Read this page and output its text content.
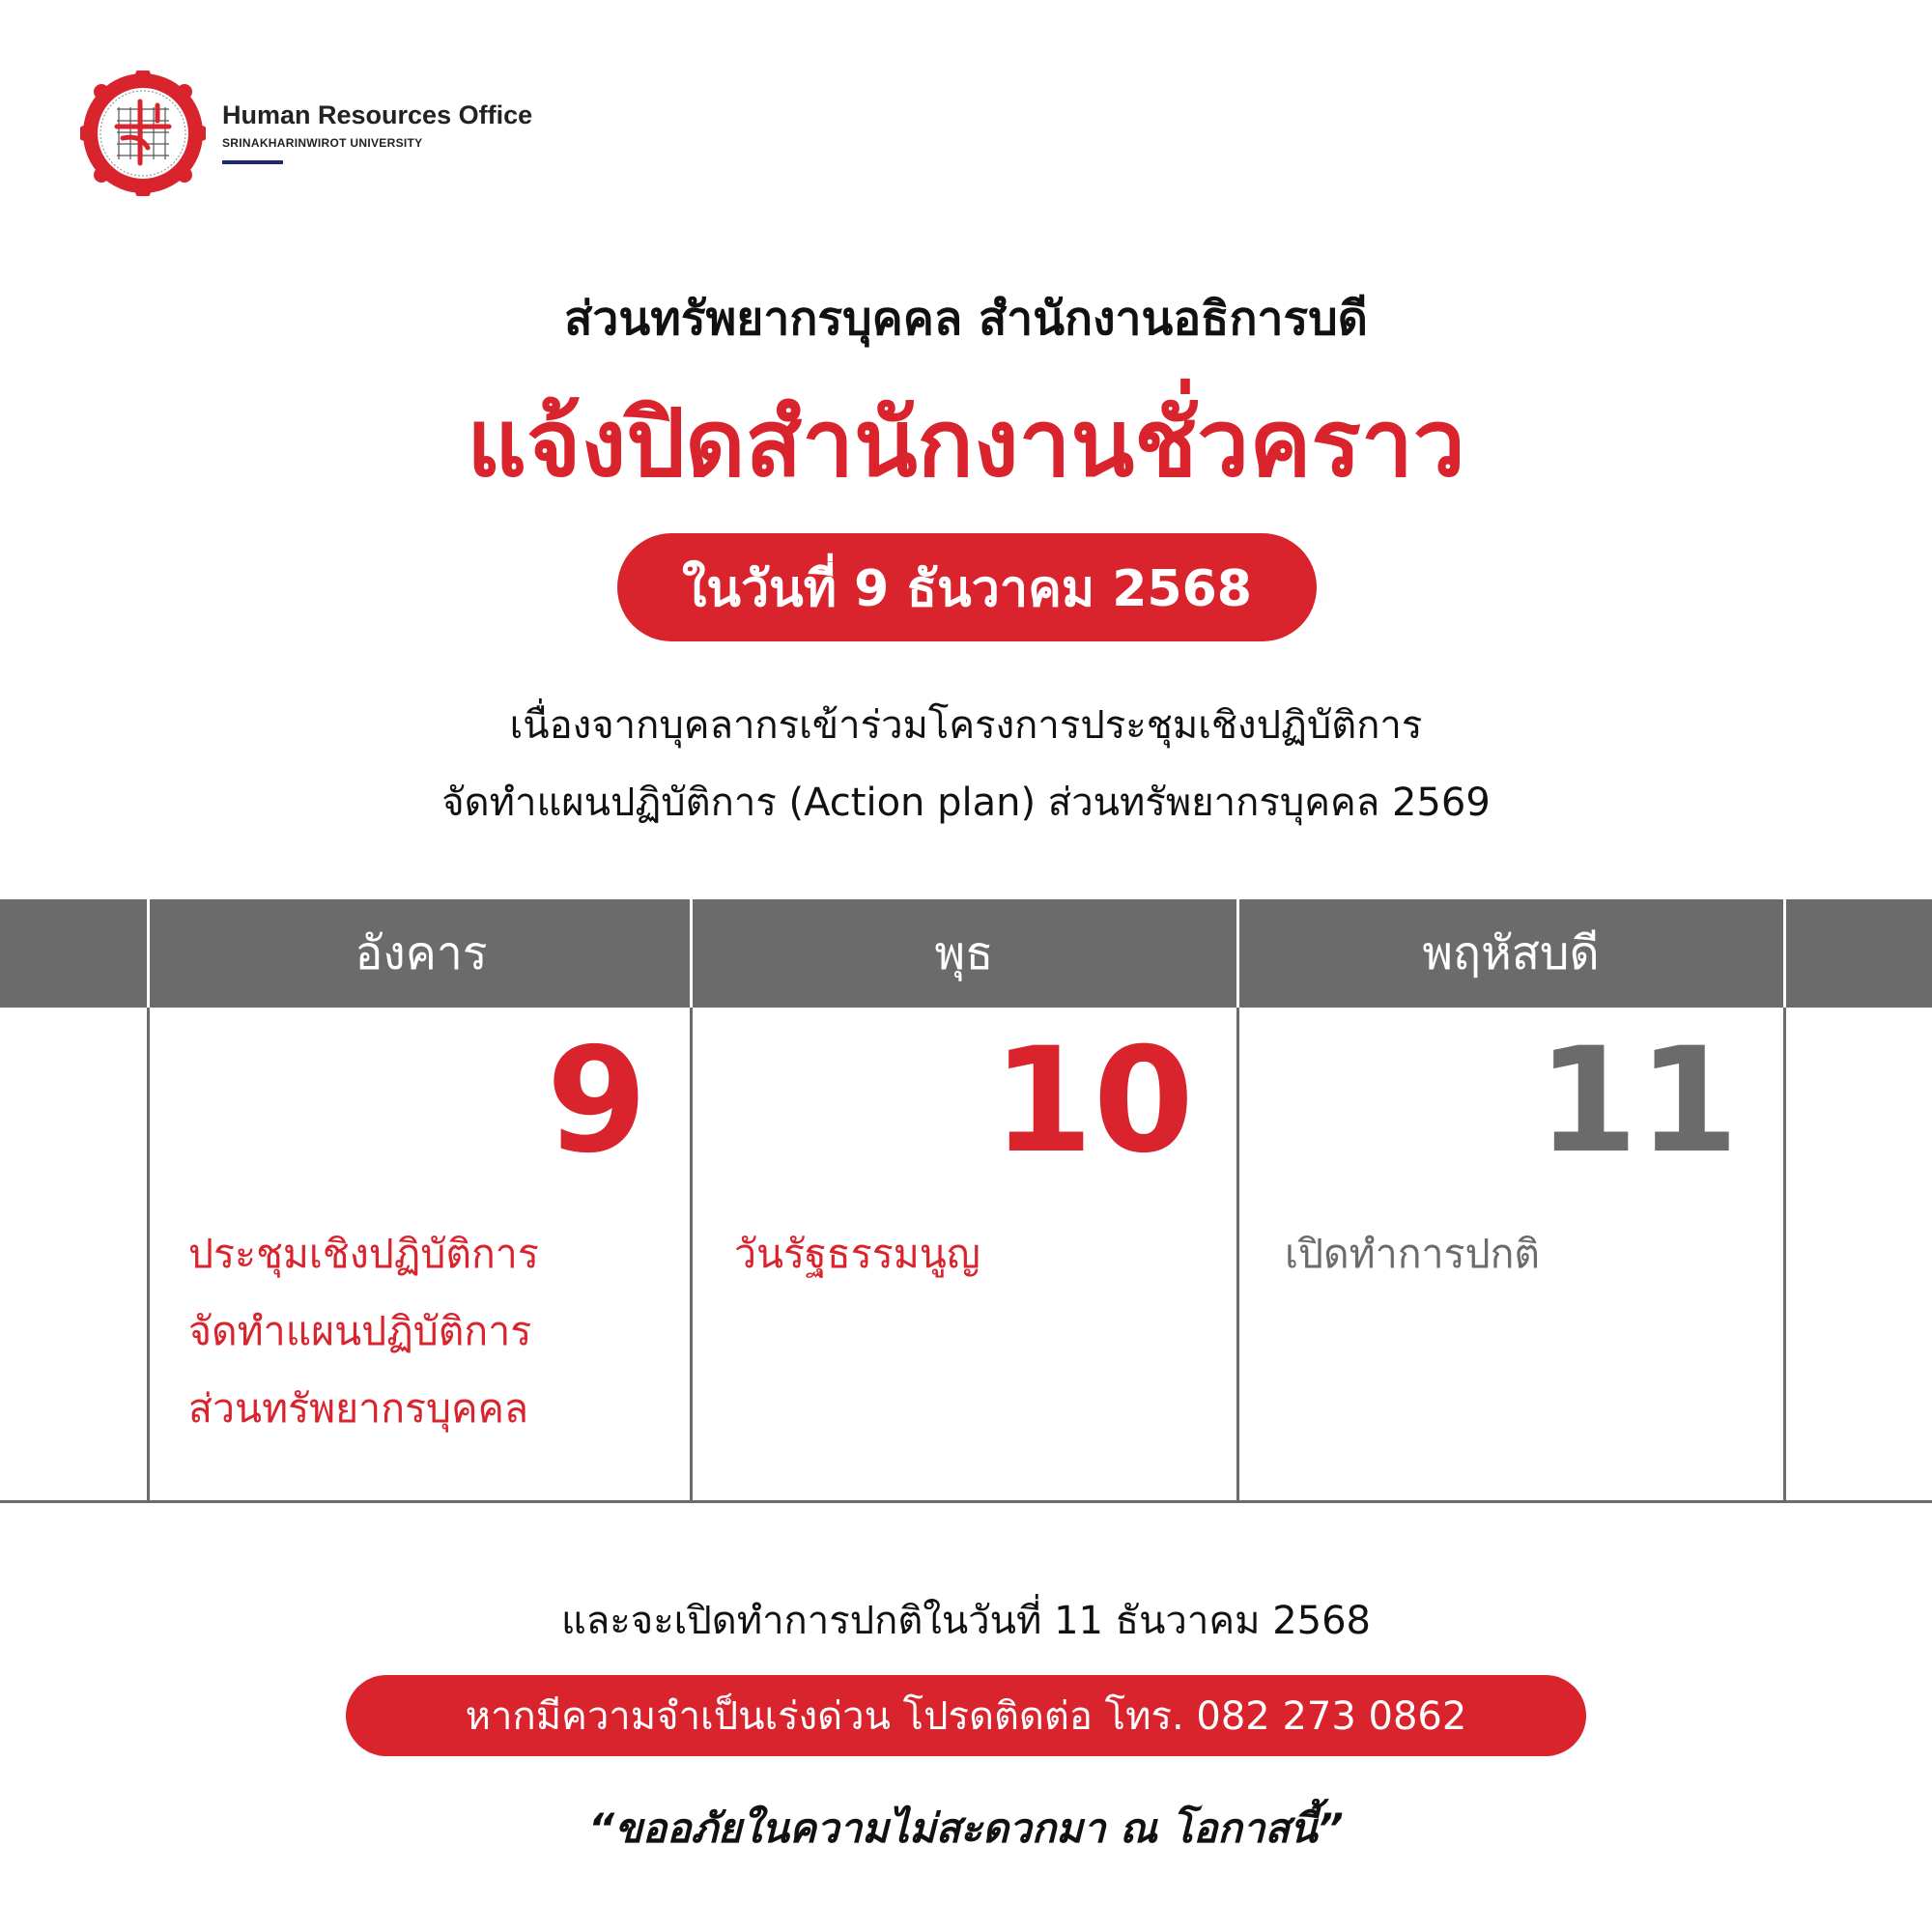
Human Resources Office
SRINAKHARINWIROT UNIVERSITY
ส่วนทรัพยากรบุคคล สำนักงานอธิการบดี
แจ้งปิดสำนักงานชั่วคราว
ในวันที่ 9 ธันวาคม 2568
เนื่องจากบุคลากรเข้าร่วมโครงการประชุมเชิงปฏิบัติการ
จัดทำแผนปฏิบัติการ (Action plan) ส่วนทรัพยากรบุคคล 2569
อังคาร
9
ประชุมเชิงปฏิบัติการ
จัดทำแผนปฏิบัติการ
ส่วนทรัพยากรบุคคล
พุธ
10
วันรัฐธรรมนูญ
พฤหัสบดี
11
เปิดทำการปกติ
และจะเปิดทำการปกติในวันที่ 11 ธันวาคม 2568
หากมีความจำเป็นเร่งด่วน โปรดติดต่อ โทร. 082 273 0862
“ขออภัยในความไม่สะดวกมา ณ โอกาสนี้”
